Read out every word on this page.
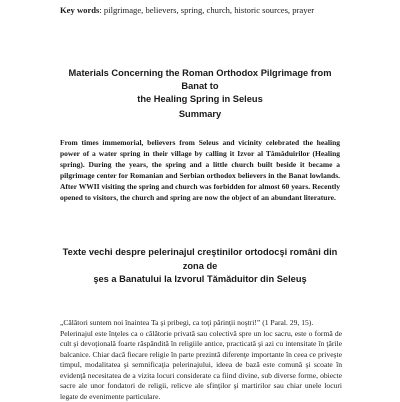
Key words: pilgrimage, believers, spring, church, historic sources, prayer
Materials Concerning the Roman Orthodox Pilgrimage from Banat to
the Healing Spring in Seleus
Summary
From times immemorial, believers from Seleus and vicinity celebrated the healing power of a water spring in their village by calling it Izvor al Tămăduirilor (Healing spring). During the years, the spring and a little church built beside it became a pilgrimage center for Romanian and Serbian orthodox believers in the Banat lowlands. After WWII visiting the spring and church was forbidden for almost 60 years. Recently opened to visitors, the church and spring are now the object of an abundant literature.
Texte vechi despre pelerinajul creştinilor ortodocşi români din zona de
şes a Banatului la Izvorul Tămăduitor din Seleuş

„Călători suntem noi înaintea Ta şi pribegi, ca toţi părinţii noştri!” (1 Paral. 29, 15).

Pelerinajul este înţeles ca o călătorie privată sau colectivă spre un loc sacru, este o formă de cult şi devoţională foarte răspândită în religiile antice, practicată şi azi cu intensitate în ţările balcanice. Chiar dacă fiecare religie în parte prezintă diferenţe importante în ceea ce priveşte timpul, modalitatea şi semnificaţia pelerinajului, ideea de bază este comună şi scoate în evidenţă necesitatea de a vizita locuri considerate ca fiind divine, sub diverse forme, obiecte sacre ale unor fondatori de religii, relicve ale sfinţilor şi martirilor sau chiar unele locuri legate de evenimente particulare.
